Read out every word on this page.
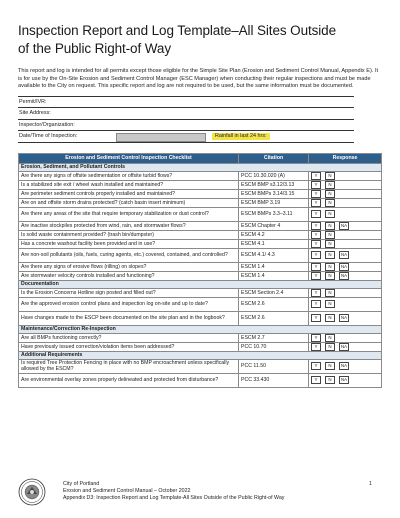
Inspection Report and Log Template–All Sites Outside
of the Public Right-of Way
This report and log is intended for all permits except those eligible for the Simple Site Plan (Erosion and Sediment Control Manual, Appendix E). It is for use by the On-Site Erosion and Sediment Control Manager (ESC Manager) when conducting their regular inspections and must be made available to the City on request. This specific report and log are not required to be used, but the same information must be documented.
Permit/IVR:
Site Address:
Inspector/Organization:
Date/Time of Inspection:	Rainfall in last 24 hrs:
Erosion and Sediment Control Inspection Checklist	Citation	Response
Erosion, Sediment, and Pollutant Controls		
Are there any signs of offsite sedimentation or offsite turbid flows?	PCC 10.30.020 (A)	Y N
Is a stabilized site exit / wheel wash installed and maintained?	ESCM BMP s3.12/3.13	Y N
Are perimeter sediment controls properly installed and maintained?	ESCM BMPs 3.14/3.15	Y N
Are on and offsite storm drains protected? (catch basin insert minimum)	ESCM BMP 3.19	Y N
Are there any areas of the site that require temporary stabilization or dust control?	ESCM BMPs 3.3–3.11	Y N
Are inactive stockpiles protected from wind, rain, and stormwater flows?	ESCM Chapter 4	Y N NA
Is solid waste containment provided? (trash bin/dumpster)	ESCM 4.2	Y N
Has a concrete washout facility been provided and in use?	ESCM 4.1	Y N
Are non-soil pollutants (oils, fuels, curing agents, etc.) covered, contained, and controlled?	ESCM 4.1/ 4.3	Y N NA
Are there any signs of erosive flows (rilling) on slopes?	ESCM 1.4	Y N NA
Are stormwater velocity controls installed and functioning?	ESCM 1.4	Y N NA
Documentation		
Is the Erosion Concerns Hotline sign posted and filled out?	ESCM Section 2.4	Y N
Are the approved erosion control plans and inspection log on-site and up to date?	ESCM 2.6	Y N
Have changes made to the ESCP been documented on the site plan and in the logbook?	ESCM 2.6	Y N NA
Maintenance/Correction Re-Inspection		
Are all BMPs functioning correctly?	ESCM 2.7	Y N
Have previously issued correction/violation items been addressed?	PCC 10.70	Y N NA
Additional Requirements		
Is required Tree Protection Fencing in place with no BMP encroachment unless specifically allowed by the ESCM?	PCC 11.50	Y N NA
Are environmental overlay zones properly delineated and protected from disturbance?	PCC 33.430	Y N NA
City of Portland
Erosion and Sediment Control Manual – October 2022
Appendix D3: Inspection Report and Log Template-All Sites Outside of the Public Right-of Way
1
